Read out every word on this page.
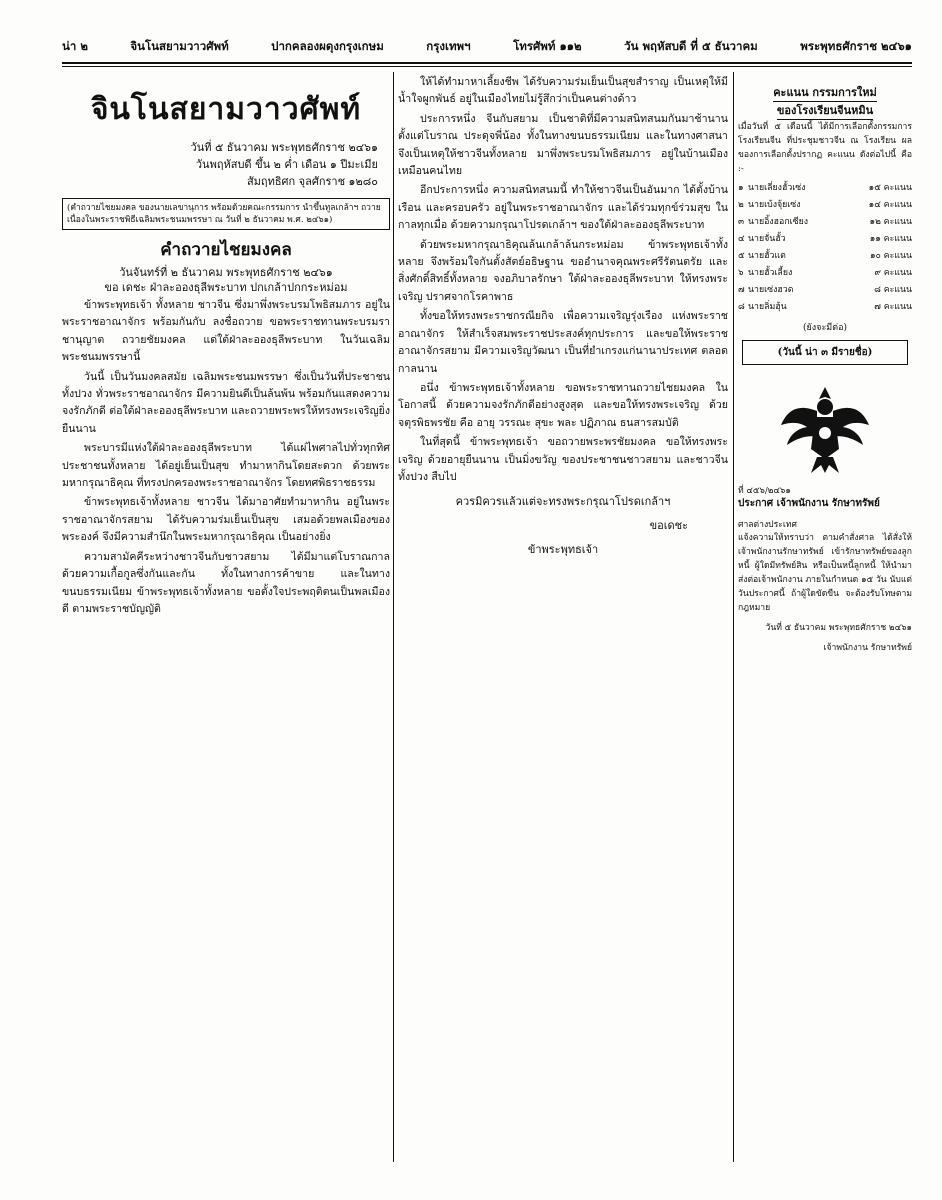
น่า ๒	จินโนสยามวาวศัพท์	ปากคลองผดุงกรุงเกษม	กรุงเทพฯ	โทรศัพท์ ๑๑๒	วัน พฤหัสบดี ที่ ๕ ธันวาคม	พระพุทธศักราช ๒๔๖๑
จินโนสยามวาวศัพท์
วันที่ ๕ ธันวาคม พระพุทธศักราช ๒๔๖๑
วันพฤหัสบดี ขึ้น ๒ ค่ำ เดือน ๑ ปีมะเมีย
สัมฤทธิศก จุลศักราช ๑๒๘๐
(คำถวายไชยมงคล ของนายเลขานุการ พร้อมด้วยคณะกรรมการ นำขึ้นทูลเกล้าฯ ถวาย เนื่องในพระราชพิธีเฉลิมพระชนมพรรษา ณ วันที่ ๒ ธันวาคม พ.ศ. ๒๔๖๑)
คำถวายไชยมงคล
วันจันทร์ที่ ๒ ธันวาคม พระพุทธศักราช ๒๔๖๑
ขอ เดชะ ฝ่าละอองธุลีพระบาท ปกเกล้าปกกระหม่อม

ข้าพระพุทธเจ้า ทั้งหลาย ชาวจีน ซึ่งมาพึ่งพระบรมโพธิสมภาร อยู่ในพระราชอาณาจักร พร้อมกันกับ ลงชื่อถวาย ขอพระราชทานพระบรมราชานุญาต ถวายชัยมงคล แด่ใต้ฝ่าละอองธุลีพระบาท ในวันเฉลิมพระชนมพรรษานี้

วันนี้ เป็นวันมงคลสมัย เฉลิมพระชนมพรรษา ซึ่งเป็นวันที่ประชาชนทั้งปวง ทั่วพระราชอาณาจักร มีความยินดีเป็นล้นพ้น พร้อมกันแสดงความจงรักภักดี ต่อใต้ฝ่าละอองธุลีพระบาท และถวายพระพรให้ทรงพระเจริญยิ่งยืนนาน

พระบารมีแห่งใต้ฝ่าละอองธุลีพระบาท ได้แผ่ไพศาลไปทั่วทุกทิศ ประชาชนทั้งหลาย ได้อยู่เย็นเป็นสุข ทำมาหากินโดยสะดวก ด้วยพระมหากรุณาธิคุณ ที่ทรงปกครองพระราชอาณาจักร โดยทศพิธราชธรรม

ข้าพระพุทธเจ้าทั้งหลาย ชาวจีน ได้มาอาศัยทำมาหากิน อยู่ในพระราชอาณาจักรสยาม ได้รับความร่มเย็นเป็นสุข เสมอด้วยพลเมืองของพระองค์ จึงมีความสำนึกในพระมหากรุณาธิคุณ เป็นอย่างยิ่ง

ความสามัคคีระหว่างชาวจีนกับชาวสยาม ได้มีมาแต่โบราณกาล ด้วยความเกื้อกูลซึ่งกันและกัน ทั้งในทางการค้าขาย และในทางขนบธรรมเนียม ข้าพระพุทธเจ้าทั้งหลาย ขอตั้งใจประพฤติตนเป็นพลเมืองดี ตามพระราชบัญญัติ

ให้ได้ทำมาหาเลี้ยงชีพ ได้รับความร่มเย็นเป็นสุขสำราญ เป็นเหตุให้มีน้ำใจผูกพันธ์ อยู่ในเมืองไทยไม่รู้สึกว่าเป็นคนต่างด้าว

ประการหนึ่ง จีนกับสยาม เป็นชาติที่มีความสนิทสนมกันมาช้านาน ตั้งแต่โบราณ ประดุจพี่น้อง ทั้งในทางขนบธรรมเนียม และในทางศาสนา จึงเป็นเหตุให้ชาวจีนทั้งหลาย มาพึ่งพระบรมโพธิสมภาร อยู่ในบ้านเมือง เหมือนคนไทย

อีกประการหนึ่ง ความสนิทสนมนี้ ทำให้ชาวจีนเป็นอันมาก ได้ตั้งบ้านเรือน และครอบครัว อยู่ในพระราชอาณาจักร และได้ร่วมทุกข์ร่วมสุข ในกาลทุกเมื่อ ด้วยความกรุณาโปรดเกล้าฯ ของใต้ฝ่าละอองธุลีพระบาท

ด้วยพระมหากรุณาธิคุณล้นเกล้าล้นกระหม่อม ข้าพระพุทธเจ้าทั้งหลาย จึงพร้อมใจกันตั้งสัตย์อธิษฐาน ขออำนาจคุณพระศรีรัตนตรัย และสิ่งศักดิ์สิทธิ์ทั้งหลาย จงอภิบาลรักษา ใต้ฝ่าละอองธุลีพระบาท ให้ทรงพระเจริญ ปราศจากโรคาพาธ

ทั้งขอให้ทรงพระราชกรณียกิจ เพื่อความเจริญรุ่งเรือง แห่งพระราชอาณาจักร ให้สำเร็จสมพระราชประสงค์ทุกประการ และขอให้พระราชอาณาจักรสยาม มีความเจริญวัฒนา เป็นที่ยำเกรงแก่นานาประเทศ ตลอดกาลนาน

อนึ่ง ข้าพระพุทธเจ้าทั้งหลาย ขอพระราชทานถวายไชยมงคล ในโอกาสนี้ ด้วยความจงรักภักดีอย่างสูงสุด และขอให้ทรงพระเจริญ ด้วยจตุรพิธพรชัย คือ อายุ วรรณะ สุขะ พละ ปฏิภาณ ธนสารสมบัติ

ในที่สุดนี้ ข้าพระพุทธเจ้า ขอถวายพระพรชัยมงคล ขอให้ทรงพระเจริญ ด้วยอายุยืนนาน เป็นมิ่งขวัญ ของประชาชนชาวสยาม และชาวจีนทั้งปวง สืบไป

ควรมิควรแล้วแต่จะทรงพระกรุณาโปรดเกล้าฯ
ขอเดชะ
ข้าพระพุทธเจ้า
คะแนน กรรมการใหม่
ของโรงเรียนจีนหมิน
เมื่อวันที่ ๕ เดือนนี้ ได้มีการเลือกตั้งกรรมการโรงเรียนจีน ที่ประชุมชาวจีน ณ โรงเรียน ผลของการเลือกตั้งปรากฏ คะแนน ดังต่อไปนี้ คือ :-
๑ นายเลี่ยงฮั้วเซ่ง	๑๕ คะแนน
๒ นายเบ้งจุ้ยเซ่ง	๑๔ คะแนน
๓ นายอิ้งฮอกเซียง	๑๒ คะแนน
๔ นายจั่นฮั้ว	๑๑ คะแนน
๕ นายฮั้วแต	๑๐ คะแนน
๖ นายฮั้วเลี้ยง	๙ คะแนน
๗ นายเซ่งฮวด	๘ คะแนน
๘ นายลิ่มฮุ้น	๗ คะแนน
(ยังจะมีต่อ)
(วันนี้ น่า ๓ มีรายชื่อ)
ที่ ๔๕๖/๒๔๖๑
ประกาศ เจ้าพนักงาน รักษาทรัพย์
ศาลต่างประเทศ
แจ้งความให้ทราบว่า ตามคำสั่งศาล ได้สั่งให้เจ้าพนักงานรักษาทรัพย์ เข้ารักษาทรัพย์ของลูกหนี้ ผู้ใดมีทรัพย์สิน หรือเป็นหนี้ลูกหนี้ ให้นำมาส่งต่อเจ้าพนักงาน ภายในกำหนด ๑๕ วัน นับแต่วันประกาศนี้ ถ้าผู้ใดขัดขืน จะต้องรับโทษตามกฎหมาย
วันที่ ๕ ธันวาคม พระพุทธศักราช ๒๔๖๑
เจ้าพนักงาน รักษาทรัพย์
